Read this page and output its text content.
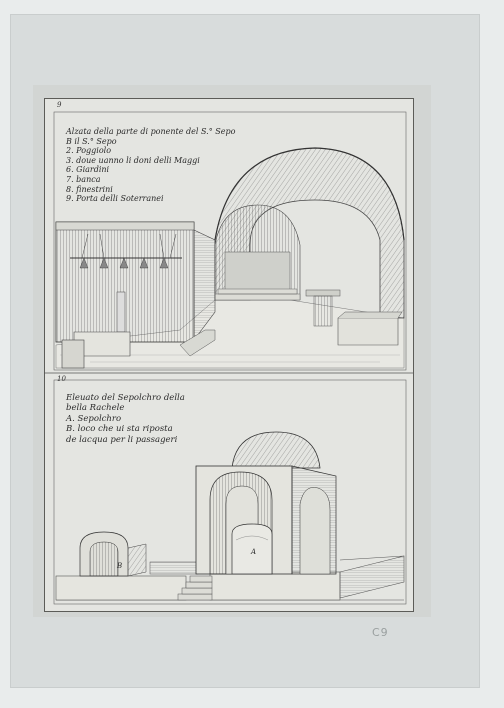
9
10
Alzata della parte di ponente del S.° Sepo
B il S.° Sepo
2. Poggiolo
3. doue uanno li doni delli Maggi
6. Giardini
7. banca
8. finestrini
9. Porta delli Soterranei
Eleuato del Sepolchro della
bella Rachele
A. Sepolchro
B. loco che ui sta riposta
de lacqua per li passageri
A
B
C9
